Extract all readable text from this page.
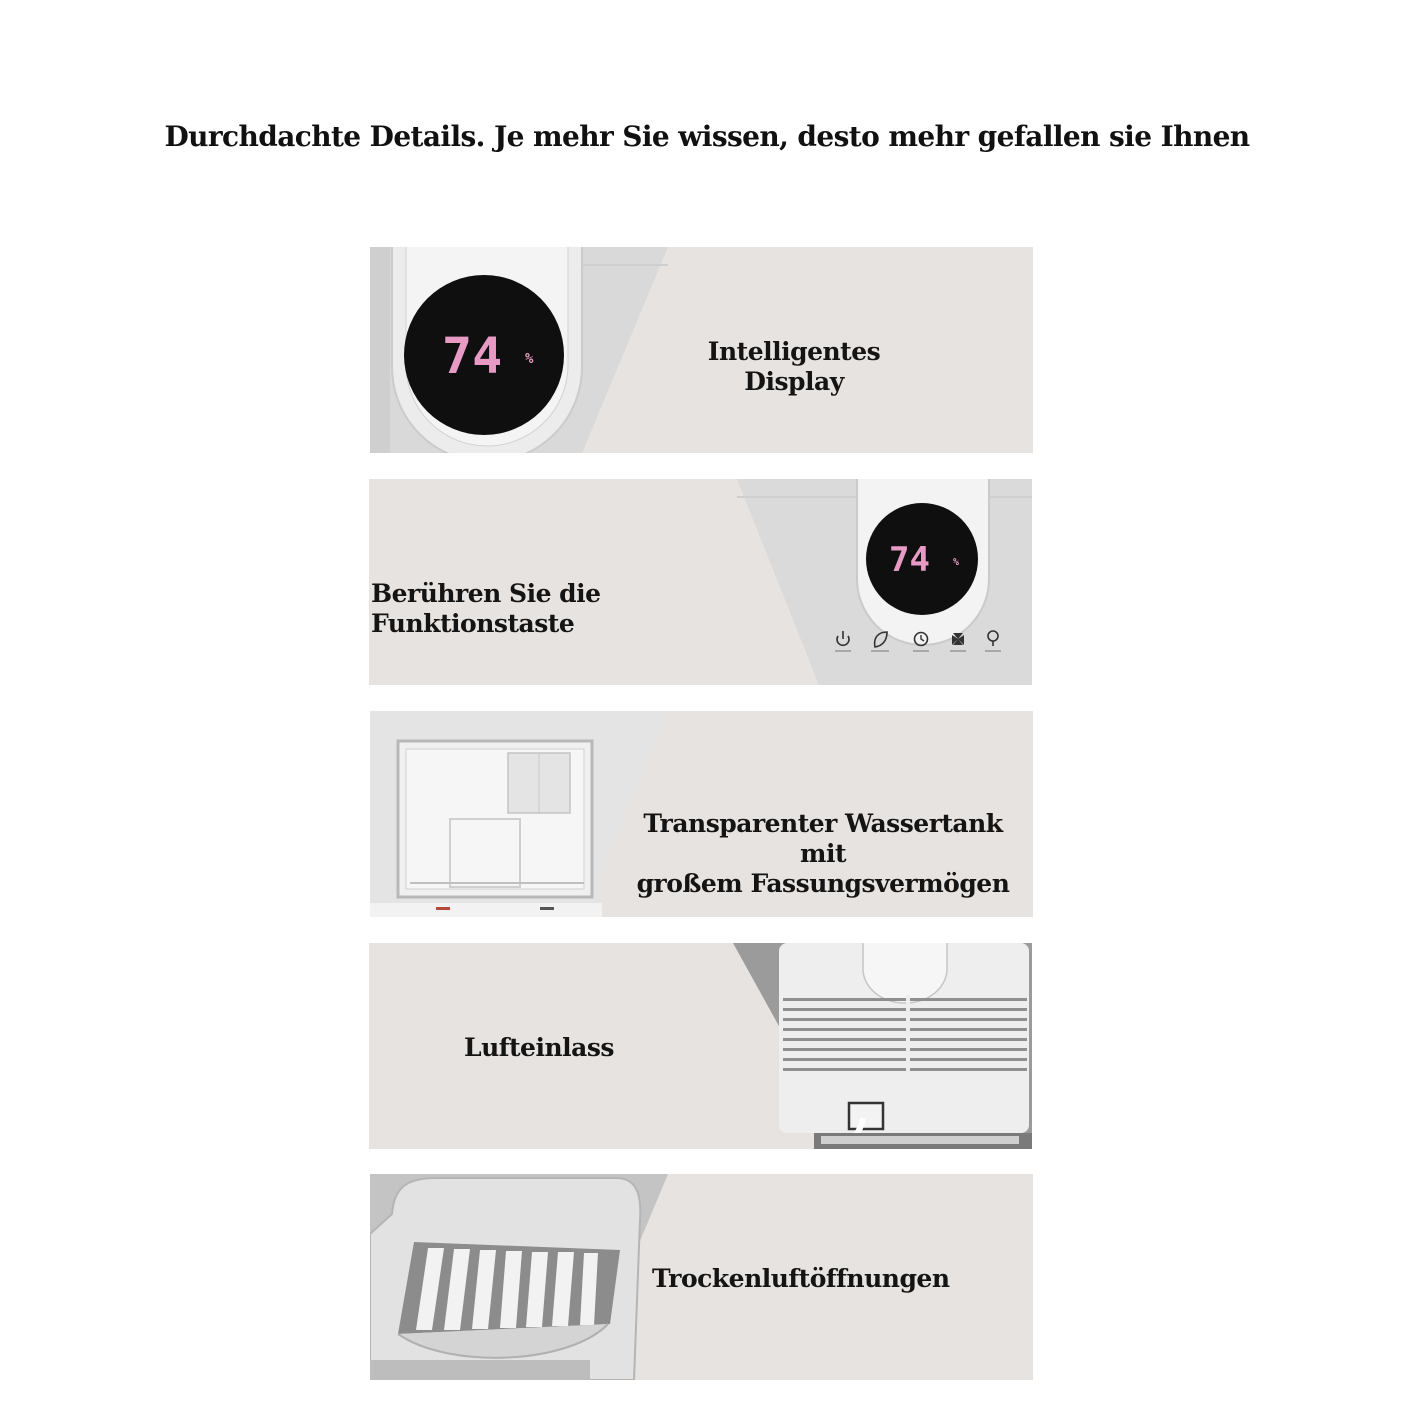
Durchdachte Details. Je mehr Sie wissen, desto mehr gefallen sie Ihnen
74 %	Intelligentes Display
74 %
Berühren Sie die Funktionstaste
Transparenter Wassertank mit
großem Fassungsvermögen
Lufteinlass
Trockenluftöffnungen
